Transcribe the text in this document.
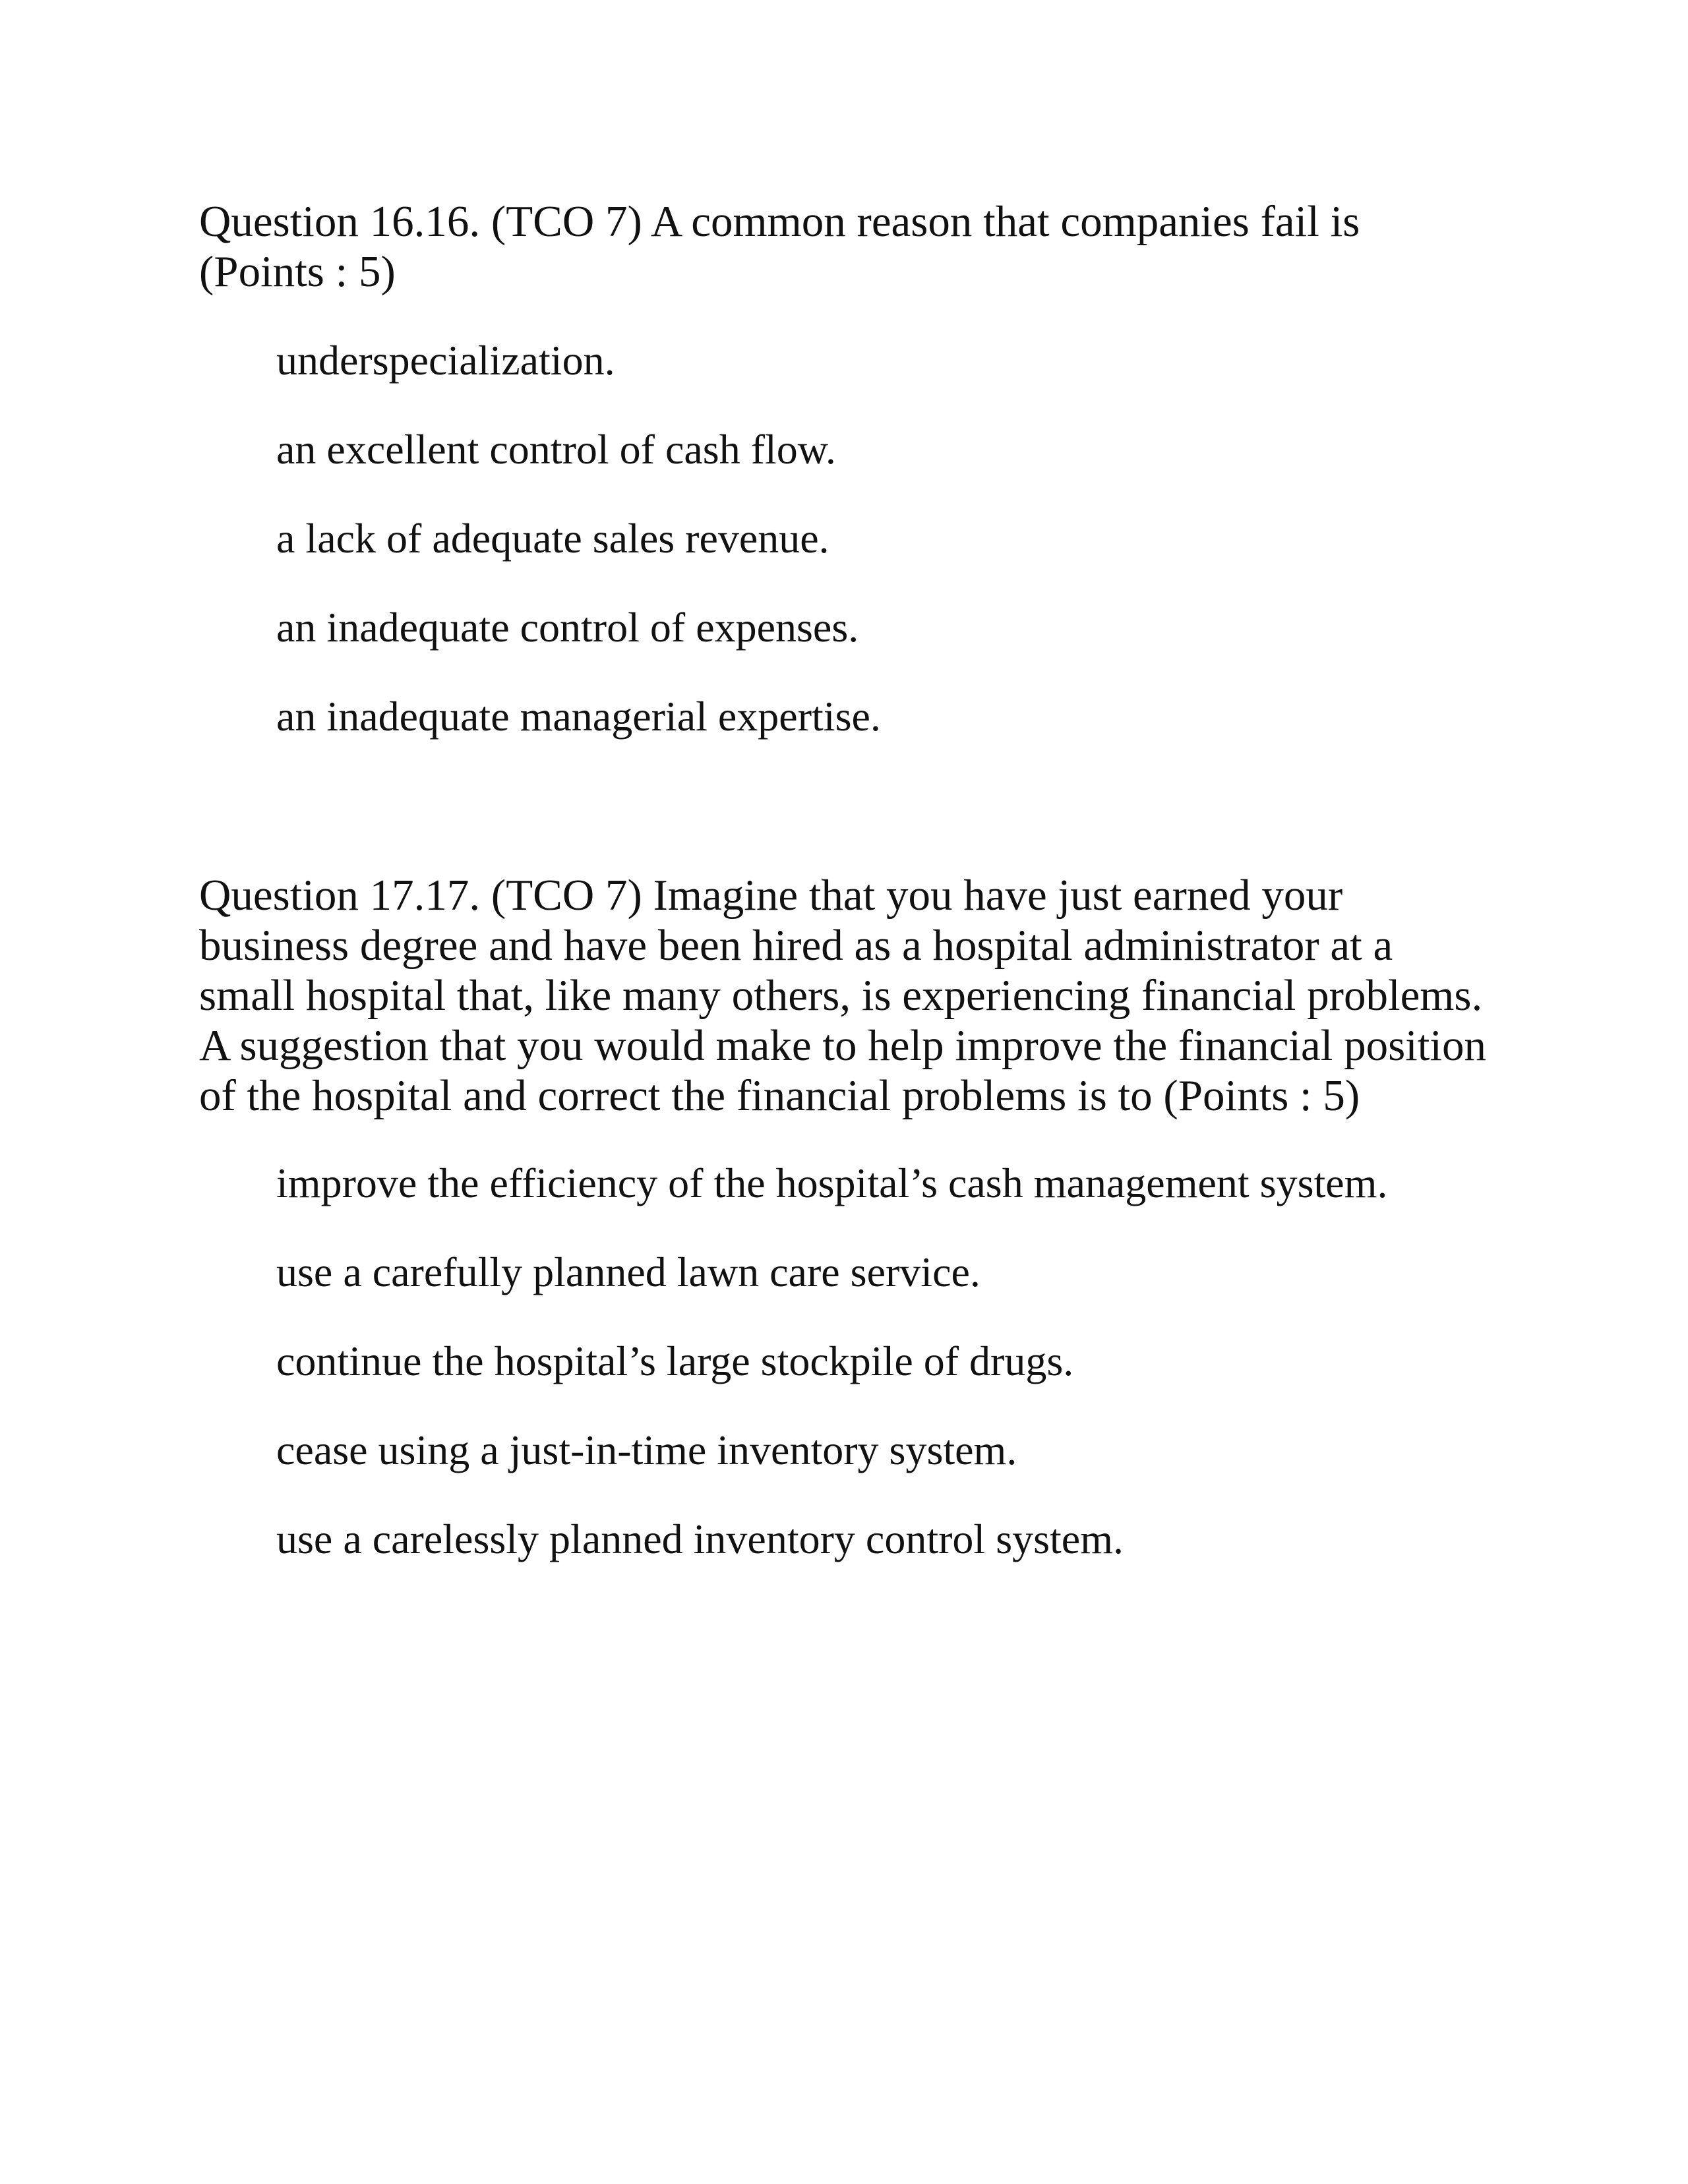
Question 16.16. (TCO 7) A common reason that companies fail is
(Points : 5)

underspecialization.
an excellent control of cash flow.
a lack of adequate sales revenue.
an inadequate control of expenses.
an inadequate managerial expertise.

Question 17.17. (TCO 7) Imagine that you have just earned your
business degree and have been hired as a hospital administrator at a
small hospital that, like many others, is experiencing financial problems.
A suggestion that you would make to help improve the financial position
of the hospital and correct the financial problems is to (Points : 5)

improve the efficiency of the hospital’s cash management system.
use a carefully planned lawn care service.
continue the hospital’s large stockpile of drugs.
cease using a just-in-time inventory system.
use a carelessly planned inventory control system.
